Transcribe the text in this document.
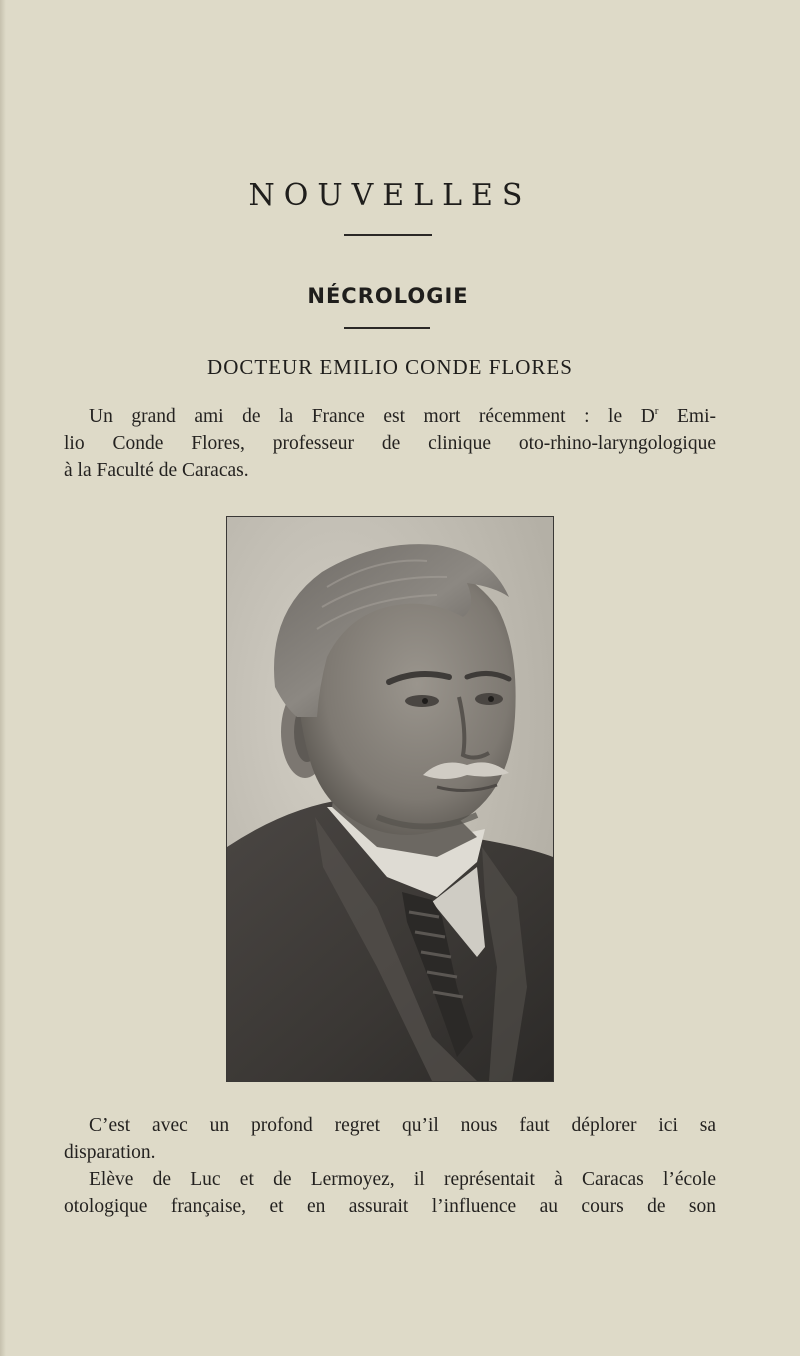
NOUVELLES
NÉCROLOGIE
DOCTEUR EMILIO CONDE FLORES
Un grand ami de la France est mort récemment : le $D^r$ Emi-
lio Conde Flores, professeur de clinique oto-rhino-laryngologique
à la Faculté de Caracas.
C’est avec un profond regret qu’il nous faut déplorer ici sa
disparation.
Elève de Luc et de Lermoyez, il représentait à Caracas l’école
otologique française, et en assurait l’influence au cours de son
